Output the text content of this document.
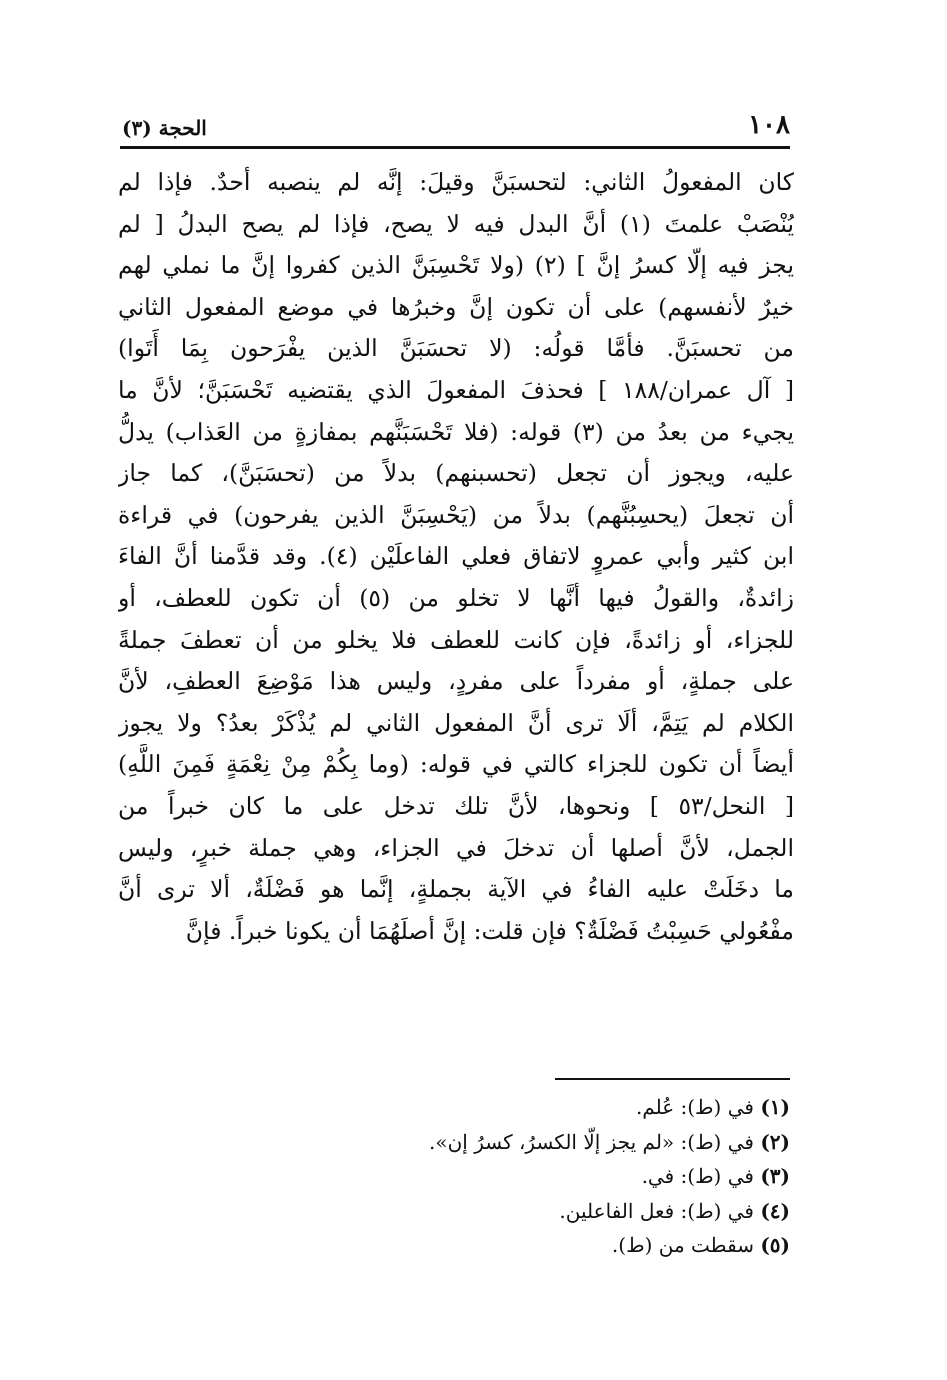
١٠٨
الحجة (٣)
كان المفعولُ الثاني: لتحسبَنَّ وقيلَ: إنَّه لم ينصبه أحدٌ. فإذا لم
يُنْصَبْ علمتَ (١) أنَّ البدل فيه لا يصح، فإذا لم يصح البدلُ [ لم
يجز فيه إلّا كسرُ إنَّ ] (٢) (ولا تَحْسِبَنَّ الذين كفروا إنَّ ما نملي لهم
خيرٌ لأنفسهم) على أن تكون إنَّ وخبرُها في موضع المفعول الثاني
من تحسبَنَّ. فأمَّا قولُه: (لا تحسَبَنَّ الذين يفْرَحون بِمَا أَتَوا)
[ آل عمران/١٨٨ ] فحذفَ المفعولَ الذي يقتضيه تَحْسَبَنَّ؛ لأنَّ ما
يجيء من بعدُ من (٣) قوله: (فلا تَحْسَبَنَّهم بمفازةٍ من العَذاب) يدلُّ
عليه، ويجوز أن تجعل (تحسبنهم) بدلاً من (تحسَبَنَّ)، كما جاز
أن تجعلَ (يحسِبُنَّهم) بدلاً من (يَحْسِبَنَّ الذين يفرحون) في قراءة
ابن كثير وأبي عمروٍ لاتفاق فعلي الفاعلَيْن (٤). وقد قدَّمنا أنَّ الفاءَ
زائدةٌ، والقولُ فيها أنَّها لا تخلو من (٥) أن تكون للعطف، أو
للجزاء، أو زائدةً، فإن كانت للعطف فلا يخلو من أن تعطفَ جملةً
على جملةٍ، أو مفرداً على مفردٍ، وليس هذا مَوْضِعَ العطفِ، لأنَّ
الكلام لم يَتِمَّ، ألَا ترى أنَّ المفعول الثاني لم يُذْكَرْ بعدُ؟ ولا يجوز
أيضاً أن تكون للجزاء كالتي في قوله: (وما بِكُمْ مِنْ نِعْمَةٍ فَمِنَ اللَّهِ)
[ النحل/٥٣ ] ونحوها، لأنَّ تلك تدخل على ما كان خبراً من
الجمل، لأنَّ أصلها أن تدخلَ في الجزاء، وهي جملة خبرٍ، وليس
ما دخَلَتْ عليه الفاءُ في الآية بجملةٍ، إنَّما هو فَضْلَةٌ، ألا ترى أنَّ
مفْعُولي حَسِبْتُ فَضْلَةٌ؟ فإن قلت: إنَّ أصلَهُمَا أن يكونا خبراً. فإنَّ
(١) في (ط): عُلم.
(٢) في (ط): «لم يجز إلّا الكسرُ، كسرُ إن».
(٣) في (ط): في.
(٤) في (ط): فعل الفاعلين.
(٥) سقطت من (ط).
